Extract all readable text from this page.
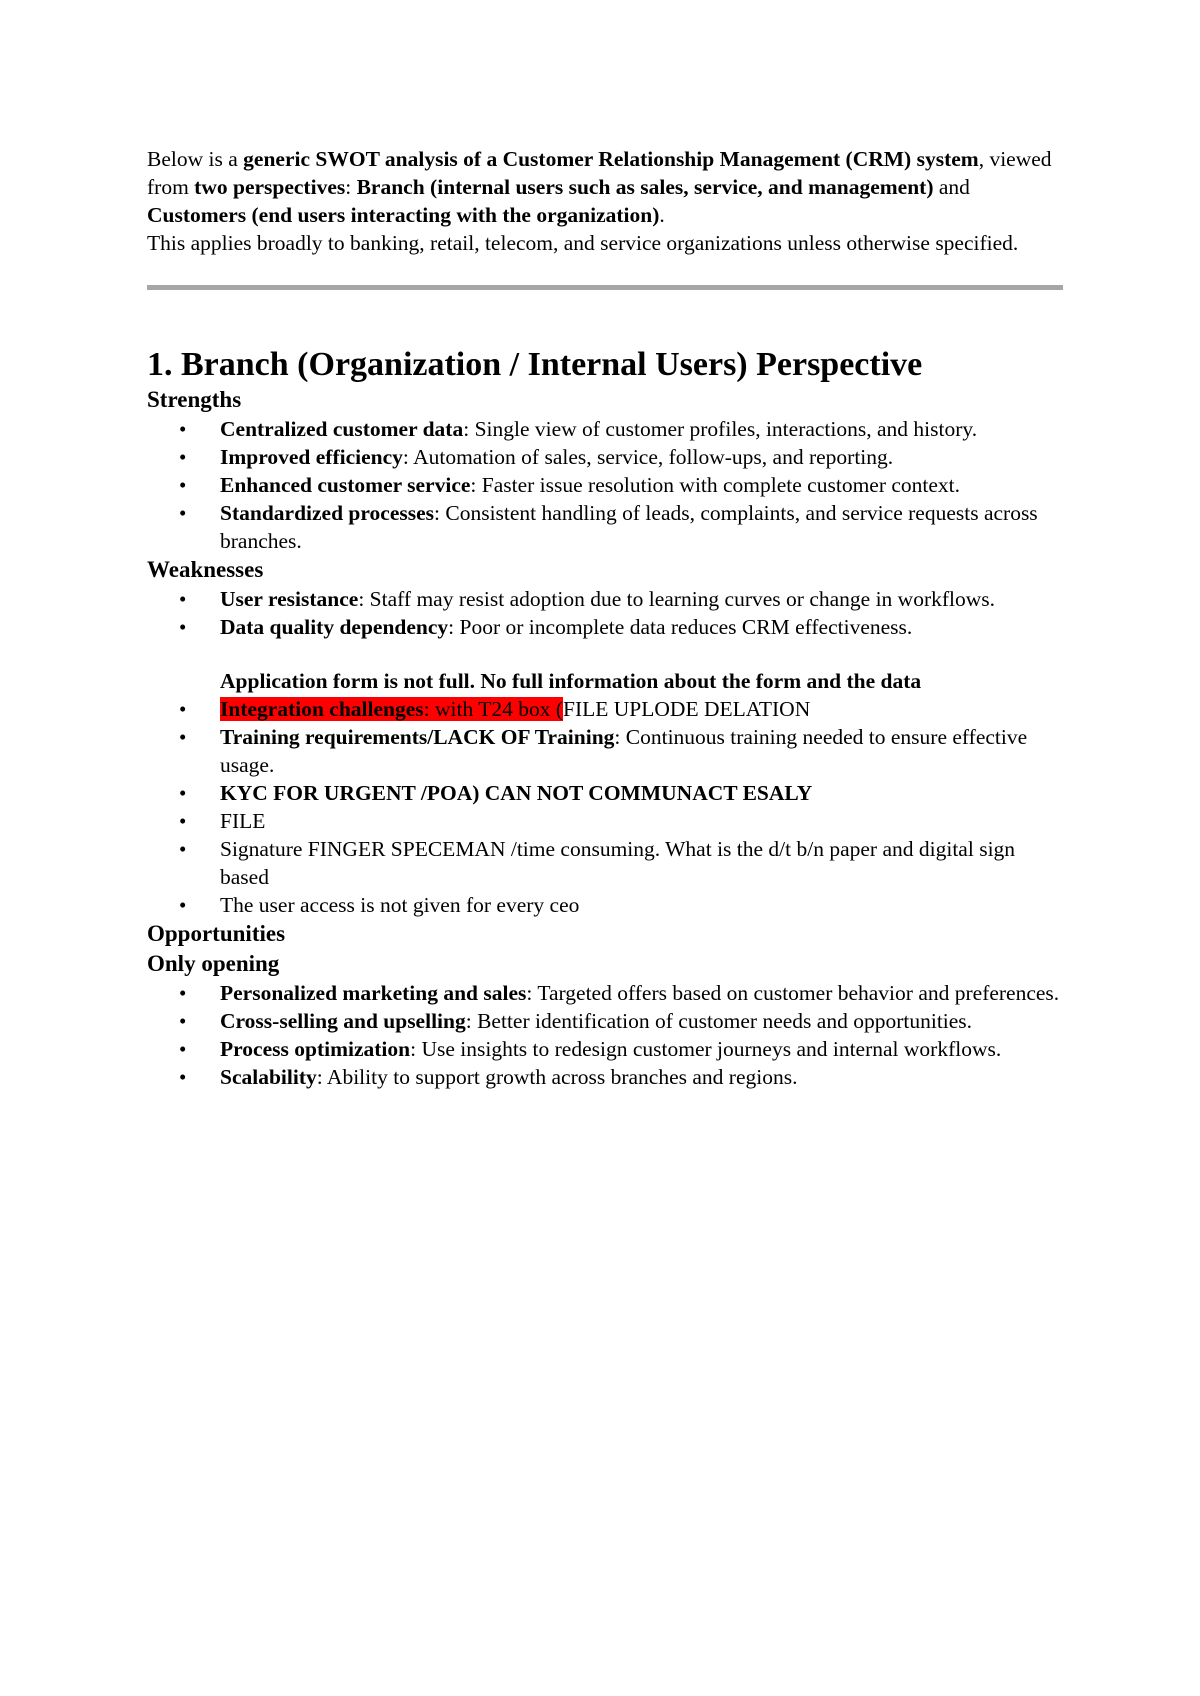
Below is a generic SWOT analysis of a Customer Relationship Management (CRM) system, viewed from two perspectives: Branch (internal users such as sales, service, and management) and Customers (end users interacting with the organization).

This applies broadly to banking, retail, telecom, and service organizations unless otherwise specified.

1. Branch (Organization / Internal Users) Perspective
Strengths
• Centralized customer data: Single view of customer profiles, interactions, and history.
• Improved efficiency: Automation of sales, service, follow-ups, and reporting.
• Enhanced customer service: Faster issue resolution with complete customer context.
• Standardized processes: Consistent handling of leads, complaints, and service requests across branches.
Weaknesses
• User resistance: Staff may resist adoption due to learning curves or change in workflows.
• Data quality dependency: Poor or incomplete data reduces CRM effectiveness.

Application form is not full. No full information about the form and the data

• Integration challenges: with T24 box (FILE UPLODE DELATION
• Training requirements/LACK OF Training: Continuous training needed to ensure effective usage.
• KYC FOR URGENT /POA) CAN NOT COMMUNACT ESALY
• FILE
• Signature FINGER SPECEMAN /time consuming. What is the d/t b/n paper and digital sign based
• The user access is not given for every ceo
Opportunities
Only opening
• Personalized marketing and sales: Targeted offers based on customer behavior and preferences.
• Cross-selling and upselling: Better identification of customer needs and opportunities.
• Process optimization: Use insights to redesign customer journeys and internal workflows.
• Scalability: Ability to support growth across branches and regions.
